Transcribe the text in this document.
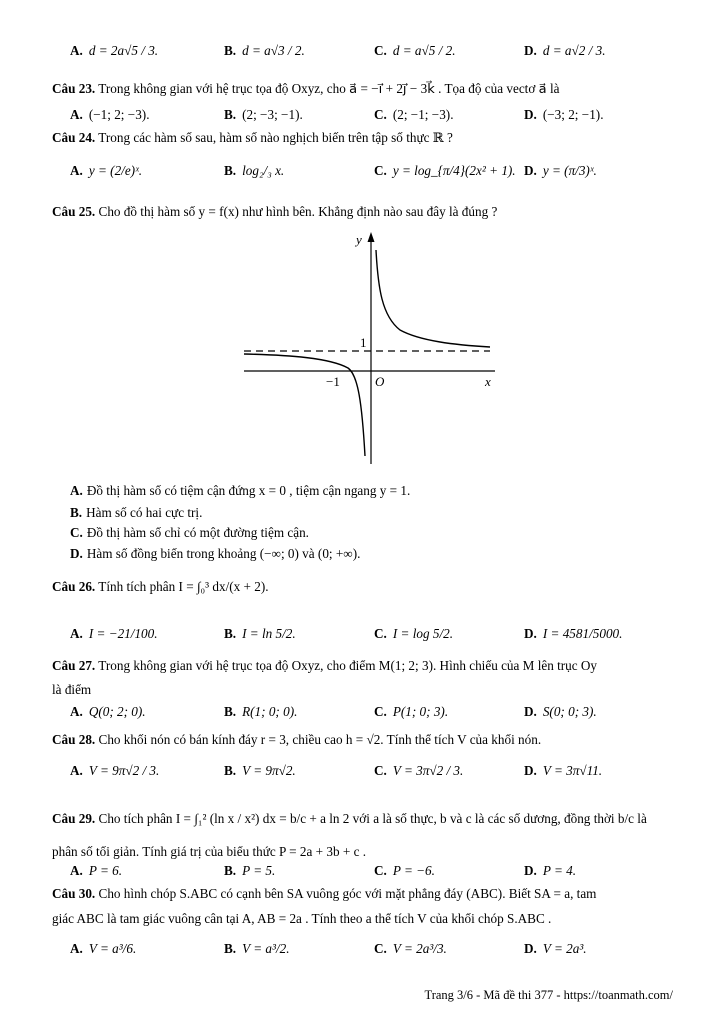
A. d = 2a√5 / 3.	B. d = a√3 / 2.	C. d = a√5 / 2.	D. d = a√2 / 3.
Câu 23. Trong không gian với hệ trục tọa độ Oxyz, cho a⃗ = −i⃗ + 2j⃗ − 3k⃗ . Tọa độ của vectơ a⃗ là
A. (−1; 2; −3).	B. (2; −3; −1).	C. (2; −1; −3).	D. (−3; 2; −1).
Câu 24. Trong các hàm số sau, hàm số nào nghịch biến trên tập số thực ℝ ?
A. y = (2/e)ˣ.	B. log₂/₃ x.	C. y = log_{π/4}(2x² + 1). D. y = (π/3)ˣ.
Câu 25. Cho đồ thị hàm số y = f(x) như hình bên. Khẳng định nào sau đây là đúng ?
y
x
O
1
−1
A. Đồ thị hàm số có tiệm cận đứng x = 0 , tiệm cận ngang y = 1.
B. Hàm số có hai cực trị.
C. Đồ thị hàm số chỉ có một đường tiệm cận.
D. Hàm số đồng biến trong khoảng (−∞; 0) và (0; +∞).
Câu 26. Tính tích phân I = ∫₀³ dx/(x + 2).
A. I = −21/100.	B. I = ln 5/2.	C. I = log 5/2.	D. I = 4581/5000.
Câu 27. Trong không gian với hệ trục tọa độ Oxyz, cho điểm M(1; 2; 3). Hình chiếu của M lên trục Oy
là điểm
A. Q(0; 2; 0).	B. R(1; 0; 0).	C. P(1; 0; 3).	D. S(0; 0; 3).
Câu 28. Cho khối nón có bán kính đáy r = 3, chiều cao h = √2. Tính thể tích V của khối nón.
A. V = 9π√2 / 3.	B. V = 9π√2.	C. V = 3π√2 / 3.	D. V = 3π√11.
Câu 29. Cho tích phân I = ∫₁² (ln x / x²) dx = b/c + a ln 2 với a là số thực, b và c là các số dương, đồng thời b/c là
phân số tối giản. Tính giá trị của biểu thức P = 2a + 3b + c .
A. P = 6.	B. P = 5.	C. P = −6.	D. P = 4.
Câu 30. Cho hình chóp S.ABC có cạnh bên SA vuông góc với mặt phẳng đáy (ABC). Biết SA = a, tam
giác ABC là tam giác vuông cân tại A, AB = 2a . Tính theo a thể tích V của khối chóp S.ABC .
A. V = a³/6.	B. V = a³/2.	C. V = 2a³/3.	D. V = 2a³.
Trang 3/6 - Mã đề thi 377 - https://toanmath.com/
